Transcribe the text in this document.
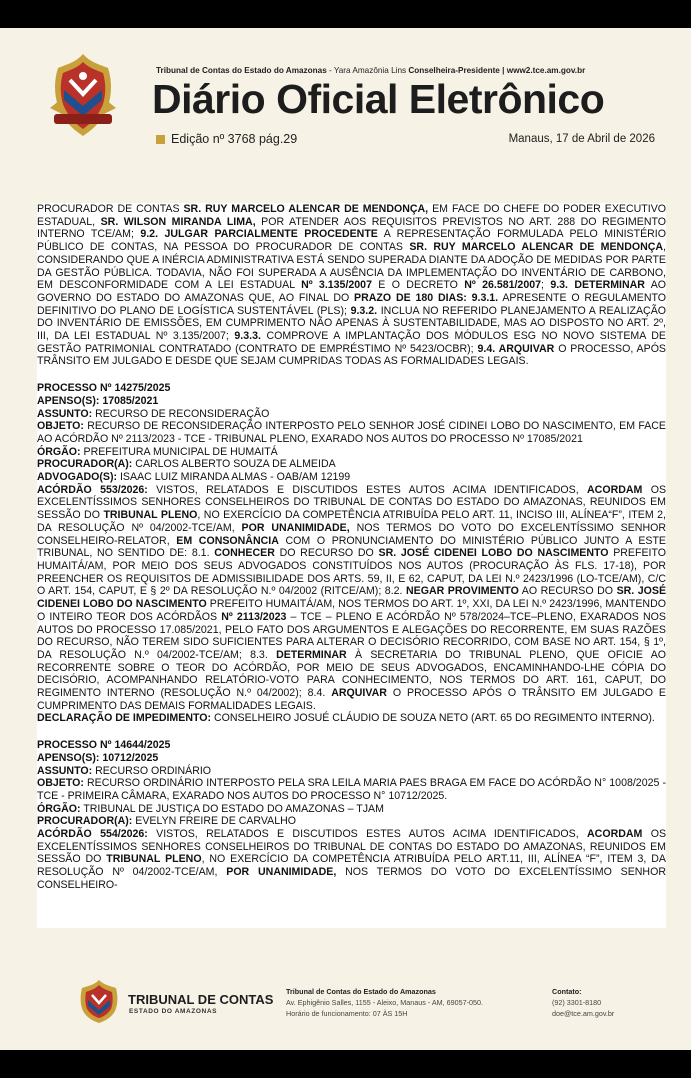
Tribunal de Contas do Estado do Amazonas - Yara Amazônia Lins Conselheira-Presidente | www2.tce.am.gov.br
Diário Oficial Eletrônico
Edição nº 3768 pág.29	Manaus, 17 de Abril de 2026
PROCURADOR DE CONTAS SR. RUY MARCELO ALENCAR DE MENDONÇA, EM FACE DO CHEFE DO PODER EXECUTIVO ESTADUAL, SR. WILSON MIRANDA LIMA, POR ATENDER AOS REQUISITOS PREVISTOS NO ART. 288 DO REGIMENTO INTERNO TCE/AM; 9.2. JULGAR PARCIALMENTE PROCEDENTE A REPRESENTAÇÃO FORMULADA PELO MINISTÉRIO PÚBLICO DE CONTAS, NA PESSOA DO PROCURADOR DE CONTAS SR. RUY MARCELO ALENCAR DE MENDONÇA, CONSIDERANDO QUE A INÉRCIA ADMINISTRATIVA ESTÁ SENDO SUPERADA DIANTE DA ADOÇÃO DE MEDIDAS POR PARTE DA GESTÃO PÚBLICA. TODAVIA, NÃO FOI SUPERADA A AUSÊNCIA DA IMPLEMENTAÇÃO DO INVENTÁRIO DE CARBONO, EM DESCONFORMIDADE COM A LEI ESTADUAL Nº 3.135/2007 E O DECRETO Nº 26.581/2007; 9.3. DETERMINAR AO GOVERNO DO ESTADO DO AMAZONAS QUE, AO FINAL DO PRAZO DE 180 DIAS: 9.3.1. APRESENTE O REGULAMENTO DEFINITIVO DO PLANO DE LOGÍSTICA SUSTENTÁVEL (PLS); 9.3.2. INCLUA NO REFERIDO PLANEJAMENTO A REALIZAÇÃO DO INVENTÁRIO DE EMISSÕES, EM CUMPRIMENTO NÃO APENAS À SUSTENTABILIDADE, MAS AO DISPOSTO NO ART. 2º, III, DA LEI ESTADUAL Nº 3.135/2007; 9.3.3. COMPROVE A IMPLANTAÇÃO DOS MÓDULOS ESG NO NOVO SISTEMA DE GESTÃO PATRIMONIAL CONTRATADO (CONTRATO DE EMPRÉSTIMO Nº 5423/OCBR); 9.4. ARQUIVAR O PROCESSO, APÓS TRÂNSITO EM JULGADO E DESDE QUE SEJAM CUMPRIDAS TODAS AS FORMALIDADES LEGAIS.
PROCESSO Nº 14275/2025
APENSO(S): 17085/2021
ASSUNTO: RECURSO DE RECONSIDERAÇÃO
OBJETO: RECURSO DE RECONSIDERAÇÃO INTERPOSTO PELO SENHOR JOSÉ CIDINEI LOBO DO NASCIMENTO, EM FACE AO ACÓRDÃO Nº 2113/2023 - TCE - TRIBUNAL PLENO, EXARADO NOS AUTOS DO PROCESSO Nº 17085/2021
ÓRGÃO: PREFEITURA MUNICIPAL DE HUMAITÁ
PROCURADOR(A): CARLOS ALBERTO SOUZA DE ALMEIDA
ADVOGADO(S): ISAAC LUIZ MIRANDA ALMAS - OAB/AM 12199
ACÓRDÃO 553/2026: VISTOS, RELATADOS E DISCUTIDOS ESTES AUTOS ACIMA IDENTIFICADOS, ACORDAM OS EXCELENTÍSSIMOS SENHORES CONSELHEIROS DO TRIBUNAL DE CONTAS DO ESTADO DO AMAZONAS, REUNIDOS EM SESSÃO DO TRIBUNAL PLENO, NO EXERCÍCIO DA COMPETÊNCIA ATRIBUÍDA PELO ART. 11, INCISO III, ALÍNEA“F”, ITEM 2, DA RESOLUÇÃO Nº 04/2002-TCE/AM, POR UNANIMIDADE, NOS TERMOS DO VOTO DO EXCELENTÍSSIMO SENHOR CONSELHEIRO-RELATOR, EM CONSONÂNCIA COM O PRONUNCIAMENTO DO MINISTÉRIO PÚBLICO JUNTO A ESTE TRIBUNAL, NO SENTIDO DE: 8.1. CONHECER DO RECURSO DO SR. JOSÉ CIDENEI LOBO DO NASCIMENTO PREFEITO HUMAITÁ/AM, POR MEIO DOS SEUS ADVOGADOS CONSTITUÍDOS NOS AUTOS (PROCURAÇÃO ÀS FLS. 17-18), POR PREENCHER OS REQUISITOS DE ADMISSIBILIDADE DOS ARTS. 59, II, E 62, CAPUT, DA LEI N.º 2423/1996 (LO-TCE/AM), C/C O ART. 154, CAPUT, E § 2º DA RESOLUÇÃO N.º 04/2002 (RITCE/AM); 8.2. NEGAR PROVIMENTO AO RECURSO DO SR. JOSÉ CIDENEI LOBO DO NASCIMENTO PREFEITO HUMAITÁ/AM, NOS TERMOS DO ART. 1º, XXI, DA LEI N.º 2423/1996, MANTENDO O INTEIRO TEOR DOS ACÓRDÃOS Nº 2113/2023 – TCE – PLENO E ACÓRDÃO Nº 578/2024–TCE–PLENO, EXARADOS NOS AUTOS DO PROCESSO 17.085/2021, PELO FATO DOS ARGUMENTOS E ALEGAÇÕES DO RECORRENTE, EM SUAS RAZÕES DO RECURSO, NÃO TEREM SIDO SUFICIENTES PARA ALTERAR O DECISÓRIO RECORRIDO, COM BASE NO ART. 154, § 1º, DA RESOLUÇÃO N.º 04/2002-TCE/AM; 8.3. DETERMINAR À SECRETARIA DO TRIBUNAL PLENO, QUE OFICIE AO RECORRENTE SOBRE O TEOR DO ACÓRDÃO, POR MEIO DE SEUS ADVOGADOS, ENCAMINHANDO-LHE CÓPIA DO DECISÓRIO, ACOMPANHANDO RELATÓRIO-VOTO PARA CONHECIMENTO, NOS TERMOS DO ART. 161, CAPUT, DO REGIMENTO INTERNO (RESOLUÇÃO N.º 04/2002); 8.4. ARQUIVAR O PROCESSO APÓS O TRÂNSITO EM JULGADO E CUMPRIMENTO DAS DEMAIS FORMALIDADES LEGAIS.
DECLARAÇÃO DE IMPEDIMENTO: CONSELHEIRO JOSUÉ CLÁUDIO DE SOUZA NETO (ART. 65 DO REGIMENTO INTERNO).
PROCESSO Nº 14644/2025
APENSO(S): 10712/2025
ASSUNTO: RECURSO ORDINÁRIO
OBJETO: RECURSO ORDINÁRIO INTERPOSTO PELA SRA LEILA MARIA PAES BRAGA EM FACE DO ACÓRDÃO N° 1008/2025 - TCE - PRIMEIRA CÂMARA, EXARADO NOS AUTOS DO PROCESSO N° 10712/2025.
ÓRGÃO: TRIBUNAL DE JUSTIÇA DO ESTADO DO AMAZONAS – TJAM
PROCURADOR(A): EVELYN FREIRE DE CARVALHO
ACÓRDÃO 554/2026: VISTOS, RELATADOS E DISCUTIDOS ESTES AUTOS ACIMA IDENTIFICADOS, ACORDAM OS EXCELENTÍSSIMOS SENHORES CONSELHEIROS DO TRIBUNAL DE CONTAS DO ESTADO DO AMAZONAS, REUNIDOS EM SESSÃO DO TRIBUNAL PLENO, NO EXERCÍCIO DA COMPETÊNCIA ATRIBUÍDA PELO ART.11, III, ALÍNEA “F”, ITEM 3, DA RESOLUÇÃO Nº 04/2002-TCE/AM, POR UNANIMIDADE, NOS TERMOS DO VOTO DO EXCELENTÍSSIMO SENHOR CONSELHEIRO-
TRIBUNAL DE CONTAS
ESTADO DO AMAZONAS
Tribunal de Contas do Estado do Amazonas
Av. Ephigênio Salles, 1155 - Aleixo, Manaus - AM, 69057-050.
Horário de funcionamento: 07 ÀS 15H
Contato:
(92) 3301-8180
doe@tce.am.gov.br
